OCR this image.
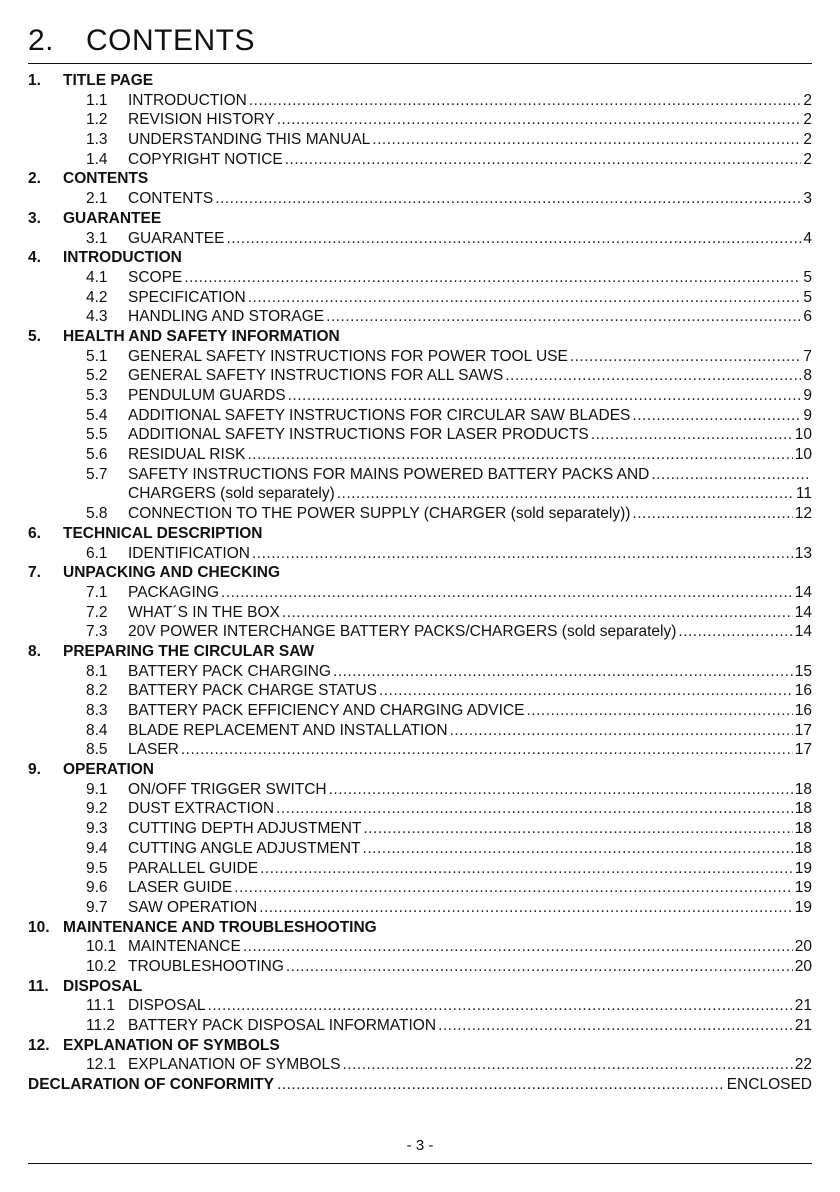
2. CONTENTS
1.	TITLE PAGE
1.1	INTRODUCTION .....	2
1.2	REVISION HISTORY .....	2
1.3	UNDERSTANDING THIS MANUAL .....	2
1.4	COPYRIGHT NOTICE .....	2
2.	CONTENTS
2.1	CONTENTS .....	3
3.	GUARANTEE
3.1	GUARANTEE .....	4
4.	INTRODUCTION
4.1	SCOPE .....	5
4.2	SPECIFICATION .....	5
4.3	HANDLING AND STORAGE .....	6
5.	HEALTH AND SAFETY INFORMATION
5.1	GENERAL SAFETY INSTRUCTIONS FOR POWER TOOL USE .....	7
5.2	GENERAL SAFETY INSTRUCTIONS FOR ALL SAWS .....	8
5.3	PENDULUM GUARDS .....	9
5.4	ADDITIONAL SAFETY INSTRUCTIONS FOR CIRCULAR SAW BLADES .....	9
5.5	ADDITIONAL SAFETY INSTRUCTIONS FOR LASER PRODUCTS .....	10
5.6	RESIDUAL RISK .....	10
5.7	SAFETY INSTRUCTIONS FOR MAINS POWERED BATTERY PACKS AND
.....
CHARGERS (sold separately) .....	11
5.8	CONNECTION TO THE POWER SUPPLY (CHARGER (sold separately)) .....	12
6.	TECHNICAL DESCRIPTION
6.1	IDENTIFICATION .....	13
7.	UNPACKING AND CHECKING
7.1	PACKAGING .....	14
7.2	WHAT´S IN THE BOX .....	14
7.3	20V POWER INTERCHANGE BATTERY PACKS/CHARGERS (sold separately) .....	14
8.	PREPARING THE CIRCULAR SAW
8.1	BATTERY PACK CHARGING .....	15
8.2	BATTERY PACK CHARGE STATUS .....	16
8.3	BATTERY PACK EFFICIENCY AND CHARGING ADVICE .....	16
8.4	BLADE REPLACEMENT AND INSTALLATION .....	17
8.5	LASER .....	17
9.	OPERATION
9.1	ON/OFF TRIGGER SWITCH .....	18
9.2	DUST EXTRACTION .....	18
9.3	CUTTING DEPTH ADJUSTMENT .....	18
9.4	CUTTING ANGLE ADJUSTMENT .....	18
9.5	PARALLEL GUIDE .....	19
9.6	LASER GUIDE .....	19
9.7	SAW OPERATION .....	19
10. MAINTENANCE AND TROUBLESHOOTING
10.1 MAINTENANCE .....	20
10.2 TROUBLESHOOTING .....	20
11. DISPOSAL
11.1 DISPOSAL .....	21
11.2 BATTERY PACK DISPOSAL INFORMATION .....	21
12. EXPLANATION OF SYMBOLS
12.1 EXPLANATION OF SYMBOLS .....	22
DECLARATION OF CONFORMITY .....	ENCLOSED
- 3 -
